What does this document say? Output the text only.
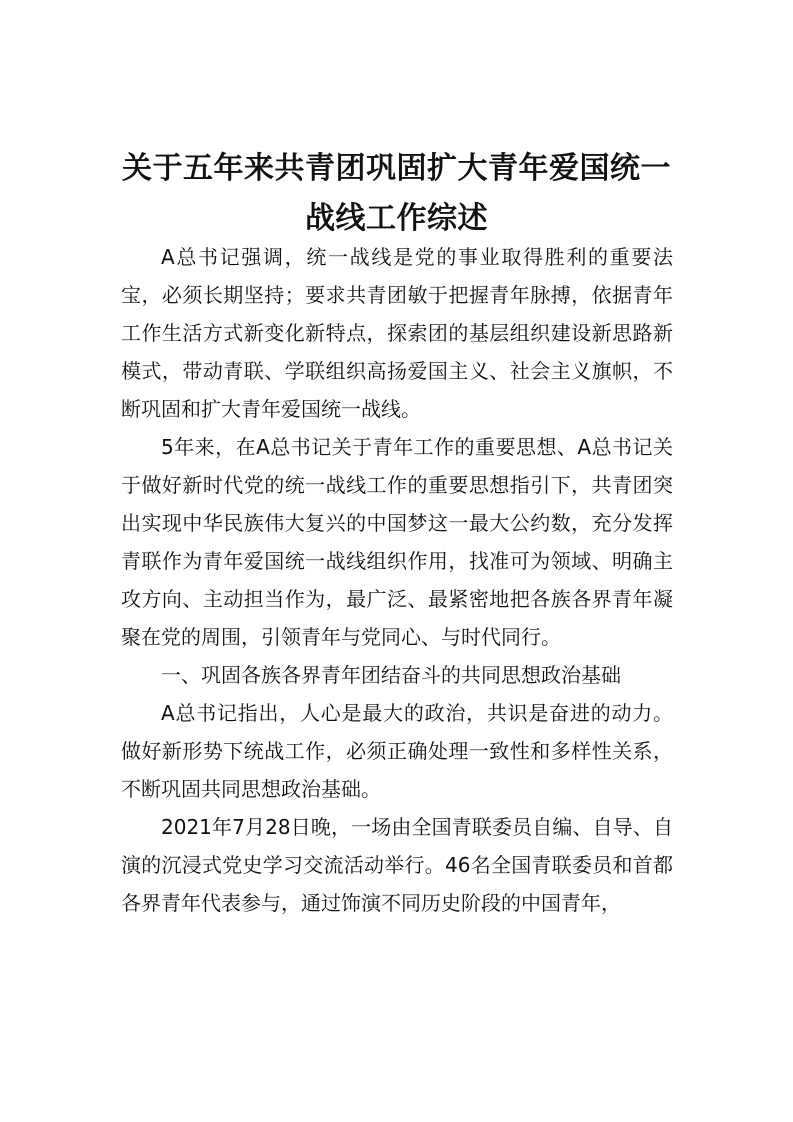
关于五年来共青团巩固扩大青年爱国统一
战线工作综述

A总书记强调，统一战线是党的事业取得胜利的重要法宝，必须长期坚持；要求共青团敏于把握青年脉搏，依据青年工作生活方式新变化新特点，探索团的基层组织建设新思路新模式，带动青联、学联组织高扬爱国主义、社会主义旗帜，不断巩固和扩大青年爱国统一战线。

5年来，在A总书记关于青年工作的重要思想、A总书记关于做好新时代党的统一战线工作的重要思想指引下，共青团突出实现中华民族伟大复兴的中国梦这一最大公约数，充分发挥青联作为青年爱国统一战线组织作用，找准可为领域、明确主攻方向、主动担当作为，最广泛、最紧密地把各族各界青年凝聚在党的周围，引领青年与党同心、与时代同行。

一、巩固各族各界青年团结奋斗的共同思想政治基础

A总书记指出，人心是最大的政治，共识是奋进的动力。做好新形势下统战工作，必须正确处理一致性和多样性关系，不断巩固共同思想政治基础。

2021年7月28日晚，一场由全国青联委员自编、自导、自演的沉浸式党史学习交流活动举行。46名全国青联委员和首都各界青年代表参与，通过饰演不同历史阶段的中国青年，
